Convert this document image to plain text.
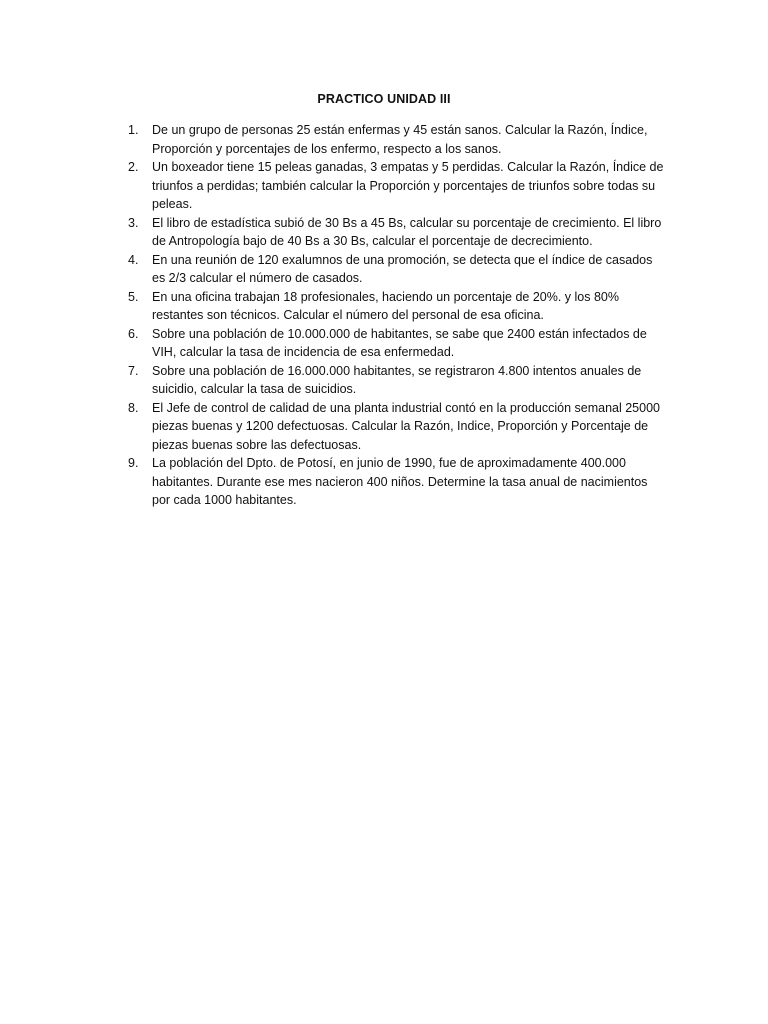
PRACTICO UNIDAD III
1.	De un grupo de personas 25 están enfermas y 45 están sanos. Calcular la Razón, Índice, Proporción y porcentajes de los enfermo, respecto a los sanos.
2.	Un boxeador tiene 15 peleas ganadas, 3 empatas y 5 perdidas. Calcular la Razón, Índice de triunfos a perdidas; también calcular la Proporción y porcentajes de triunfos sobre todas su peleas.
3.	El libro de estadística subió de 30 Bs a 45 Bs, calcular su porcentaje de crecimiento. El libro de Antropología bajo de 40 Bs a 30 Bs, calcular el porcentaje de decrecimiento.
4.	En una reunión de 120 exalumnos de una promoción, se detecta que el índice de casados es 2/3 calcular el número de casados.
5.	En una oficina trabajan 18 profesionales, haciendo un porcentaje de 20%. y los 80% restantes son técnicos. Calcular el número del personal de esa oficina.
6.	Sobre una población de 10.000.000 de habitantes, se sabe que 2400 están infectados de VIH, calcular la tasa de incidencia de esa enfermedad.
7.	Sobre una población de 16.000.000 habitantes, se registraron 4.800 intentos anuales de suicidio, calcular la tasa de suicidios.
8.	El Jefe de control de calidad de una planta industrial contó en la producción semanal 25000 piezas buenas y 1200 defectuosas. Calcular la Razón, Indice, Proporción y Porcentaje de piezas buenas sobre las defectuosas.
9.	La población del Dpto. de Potosí, en junio de 1990, fue de aproximadamente 400.000 habitantes. Durante ese mes nacieron 400 niños. Determine la tasa anual de nacimientos por cada 1000 habitantes.
